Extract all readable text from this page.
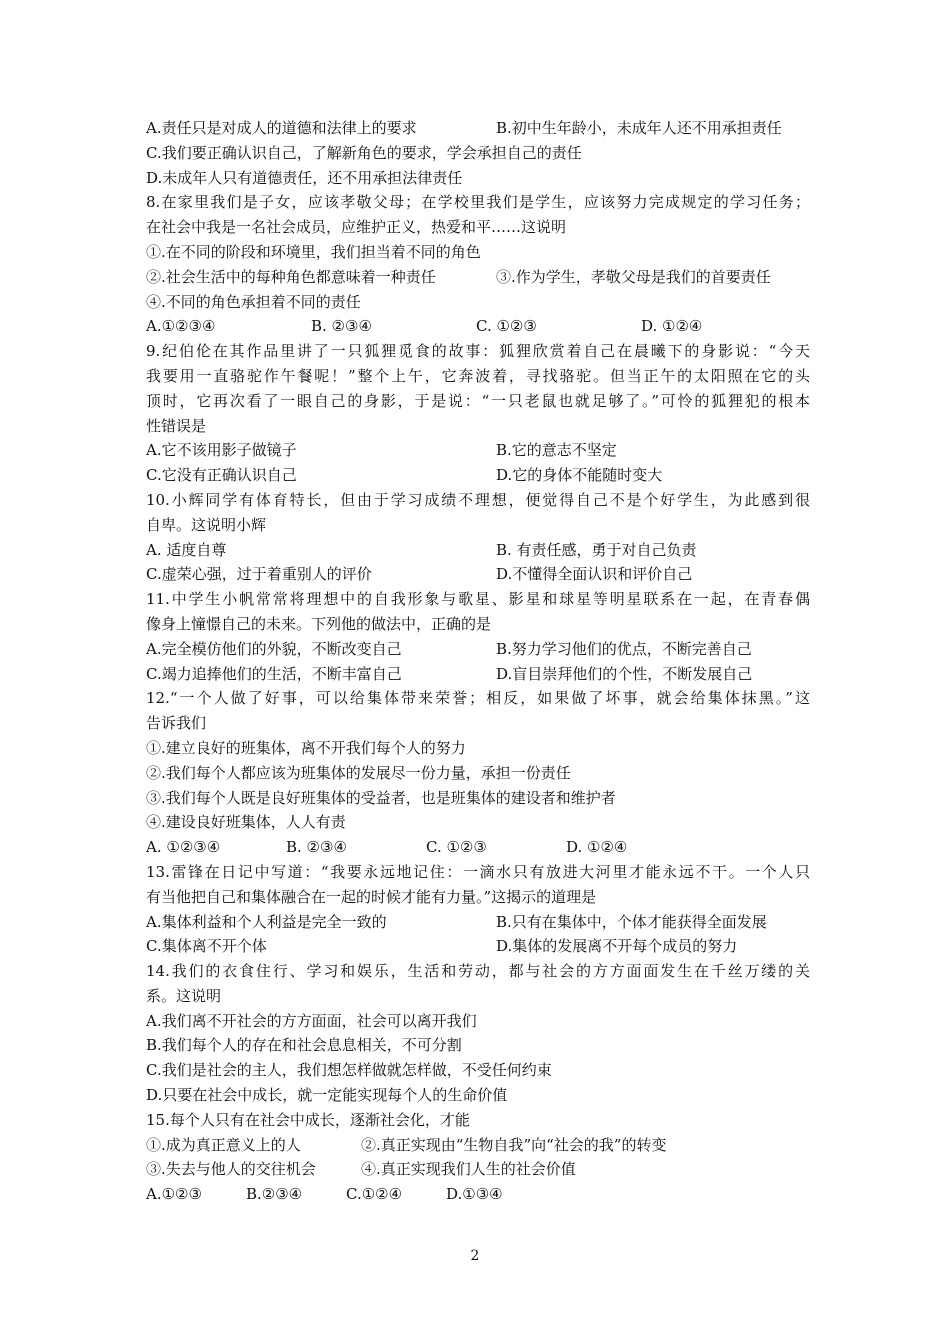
A.责任只是对成人的道德和法律上的要求	B.初中生年龄小，未成年人还不用承担责任
C.我们要正确认识自己，了解新角色的要求，学会承担自己的责任
D.未成年人只有道德责任，还不用承担法律责任
8.在家里我们是子女，应该孝敬父母；在学校里我们是学生，应该努力完成规定的学习任务；
在社会中我是一名社会成员，应维护正义，热爱和平……这说明
①.在不同的阶段和环境里，我们担当着不同的角色
②.社会生活中的每种角色都意味着一种责任	③.作为学生，孝敬父母是我们的首要责任
④.不同的角色承担着不同的责任
A.①②③④	B. ②③④	C. ①②③	D. ①②④
9.纪伯伦在其作品里讲了一只狐狸觅食的故事：狐狸欣赏着自己在晨曦下的身影说：“今天
我要用一直骆驼作午餐呢！”整个上午，它奔波着，寻找骆驼。但当正午的太阳照在它的头
顶时，它再次看了一眼自己的身影，于是说：“一只老鼠也就足够了。”可怜的狐狸犯的根本
性错误是
A.它不该用影子做镜子	B.它的意志不坚定
C.它没有正确认识自己	D.它的身体不能随时变大
10.小辉同学有体育特长，但由于学习成绩不理想，便觉得自己不是个好学生，为此感到很
自卑。这说明小辉
A. 适度自尊	B. 有责任感，勇于对自己负责
C.虚荣心强，过于着重别人的评价	D.不懂得全面认识和评价自己
11.中学生小帆常常将理想中的自我形象与歌星、影星和球星等明星联系在一起，在青春偶
像身上憧憬自己的未来。下列他的做法中，正确的是
A.完全模仿他们的外貌，不断改变自己	B.努力学习他们的优点，不断完善自己
C.竭力追捧他们的生活，不断丰富自己	D.盲目崇拜他们的个性，不断发展自己
12.“一个人做了好事，可以给集体带来荣誉；相反，如果做了坏事，就会给集体抹黑。”这
告诉我们
①.建立良好的班集体，离不开我们每个人的努力
②.我们每个人都应该为班集体的发展尽一份力量，承担一份责任
③.我们每个人既是良好班集体的受益者，也是班集体的建设者和维护者
④.建设良好班集体，人人有责
A. ①②③④	B. ②③④	C. ①②③	D. ①②④
13.雷锋在日记中写道：“我要永远地记住：一滴水只有放进大河里才能永远不干。一个人只
有当他把自己和集体融合在一起的时候才能有力量。”这揭示的道理是
A.集体利益和个人利益是完全一致的	B.只有在集体中，个体才能获得全面发展
C.集体离不开个体	D.集体的发展离不开每个成员的努力
14.我们的衣食住行、学习和娱乐，生活和劳动，都与社会的方方面面发生在千丝万缕的关
系。这说明
A.我们离不开社会的方方面面，社会可以离开我们
B.我们每个人的存在和社会息息相关，不可分割
C.我们是社会的主人，我们想怎样做就怎样做，不受任何约束
D.只要在社会中成长，就一定能实现每个人的生命价值
15.每个人只有在社会中成长，逐渐社会化，才能
①.成为真正意义上的人	②.真正实现由“生物自我”向“社会的我”的转变
③.失去与他人的交往机会	④.真正实现我们人生的社会价值
A.①②③	B.②③④	C.①②④	D.①③④
2
